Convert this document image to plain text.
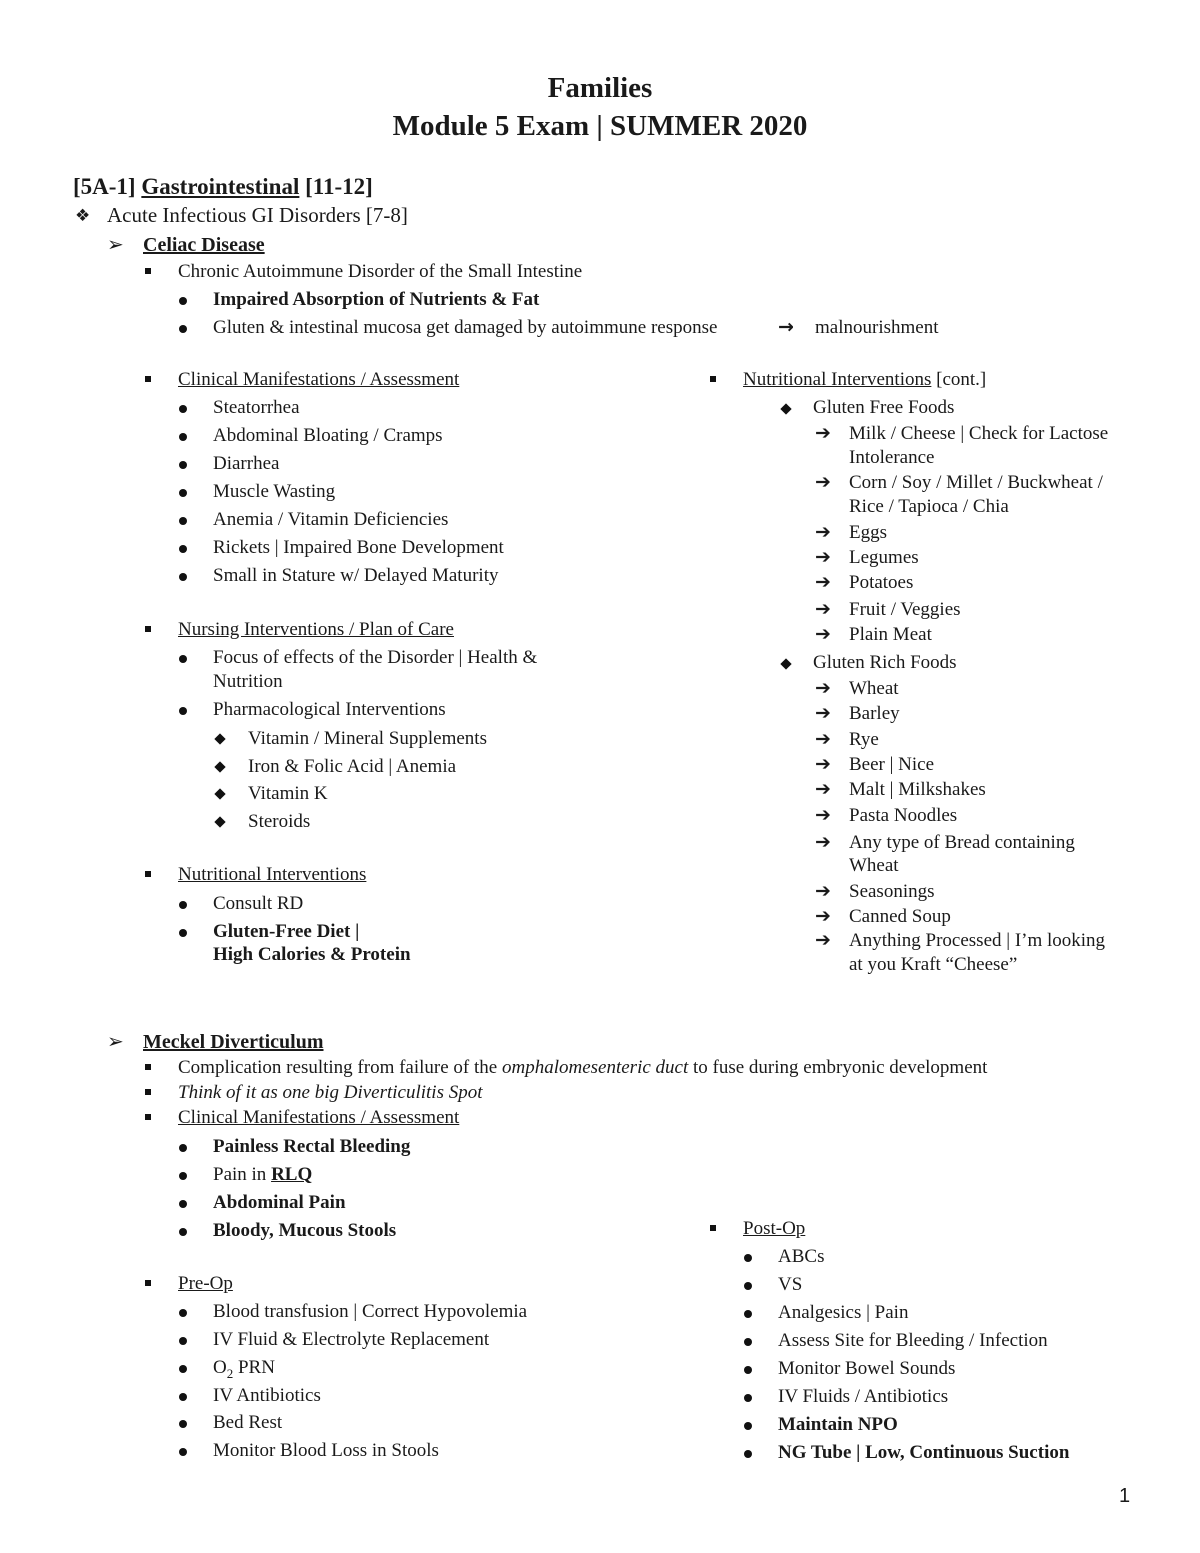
Families
Module 5 Exam | SUMMER 2020
[5A-1] Gastrointestinal [11-12]
❖ Acute Infectious GI Disorders [7-8]
➢ Celiac Disease
Chronic Autoimmune Disorder of the Small Intestine
Impaired Absorption of Nutrients & Fat
Gluten & intestinal mucosa get damaged by autoimmune response	→ malnourishment
Clinical Manifestations / Assessment
Steatorrhea
Abdominal Bloating / Cramps
Diarrhea
Muscle Wasting
Anemia / Vitamin Deficiencies
Rickets | Impaired Bone Development
Small in Stature w/ Delayed Maturity
Nursing Interventions / Plan of Care
Focus of effects of the Disorder | Health &
Nutrition
Pharmacological Interventions
Vitamin / Mineral Supplements
Iron & Folic Acid | Anemia
Vitamin K
Steroids
Nutritional Interventions
Consult RD
Gluten-Free Diet |
High Calories & Protein
Nutritional Interventions [cont.]
Gluten Free Foods
➔ Milk / Cheese | Check for Lactose
Intolerance
➔ Corn / Soy / Millet / Buckwheat /
Rice / Tapioca / Chia
➔ Eggs
➔ Legumes
➔ Potatoes
➔ Fruit / Veggies
➔ Plain Meat
Gluten Rich Foods
➔ Wheat
➔ Barley
➔ Rye
➔ Beer | Nice
➔ Malt | Milkshakes
➔ Pasta Noodles
➔ Any type of Bread containing
Wheat
➔ Seasonings
➔ Canned Soup
➔ Anything Processed | I’m looking
at you Kraft “Cheese”
➢ Meckel Diverticulum
Complication resulting from failure of the omphalomesenteric duct to fuse during embryonic development
Think of it as one big Diverticulitis Spot
Clinical Manifestations / Assessment
Painless Rectal Bleeding
Pain in RLQ
Abdominal Pain
Bloody, Mucous Stools
Pre-Op
Blood transfusion | Correct Hypovolemia
IV Fluid & Electrolyte Replacement
$O_2$ PRN
IV Antibiotics
Bed Rest
Monitor Blood Loss in Stools
Post-Op
ABCs
VS
Analgesics | Pain
Assess Site for Bleeding / Infection
Monitor Bowel Sounds
IV Fluids / Antibiotics
Maintain NPO
NG Tube | Low, Continuous Suction
1
